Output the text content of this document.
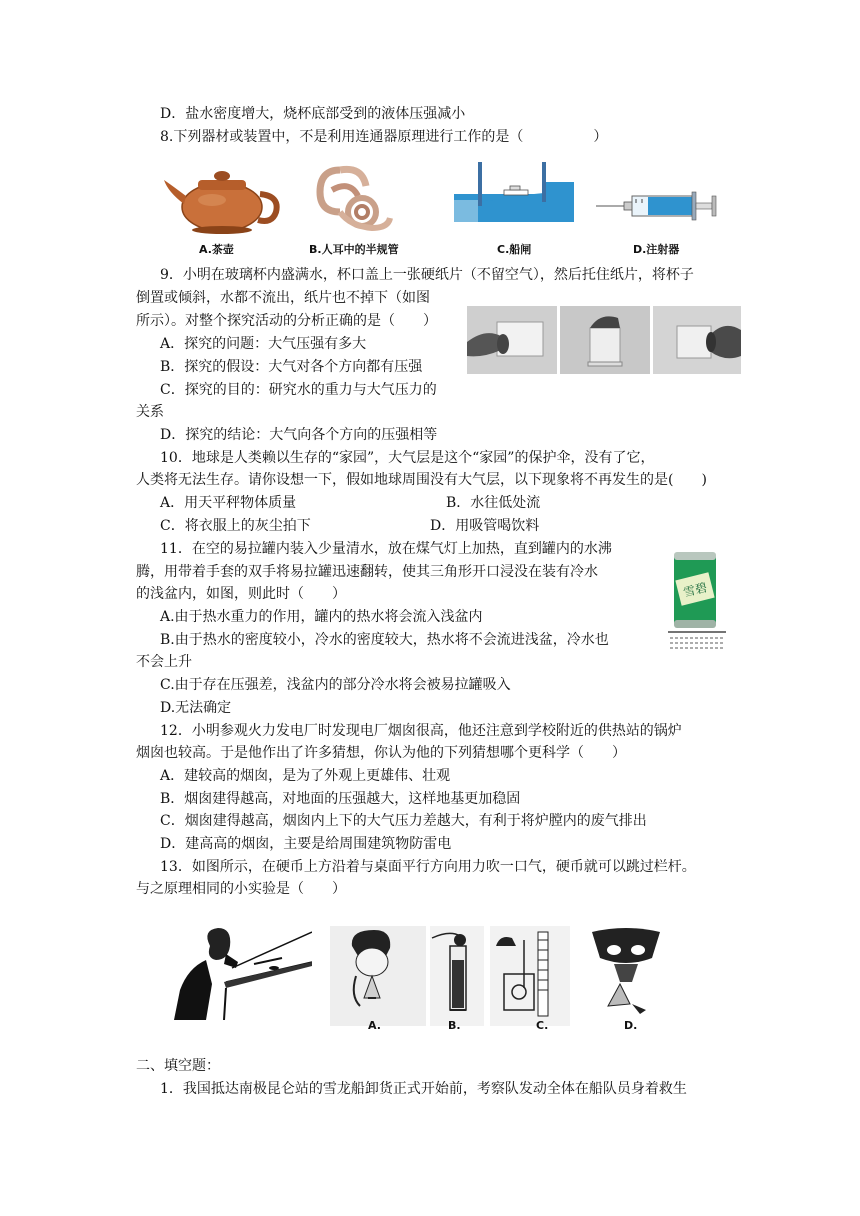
D．盐水密度增大，烧杯底部受到的液体压强减小
8.下列器材或装置中，不是利用连通器原理进行工作的是（　　　　　）
A.茶壶	B.人耳中的半规管	C.船闸	D.注射器
9．小明在玻璃杯内盛满水，杯口盖上一张硬纸片（不留空气），然后托住纸片，将杯子
倒置或倾斜，水都不流出，纸片也不掉下（如图
所示）。对整个探究活动的分析正确的是（　　）
A．探究的问题：大气压强有多大
B．探究的假设：大气对各个方向都有压强
C．探究的目的：研究水的重力与大气压力的
关系
D．探究的结论：大气向各个方向的压强相等
10．地球是人类赖以生存的“家园”，大气层是这个“家园”的保护伞，没有了它，
人类将无法生存。请你设想一下，假如地球周围没有大气层，以下现象将不再发生的是(　　)
A．用天平秤物体质量	B．水往低处流
C．将衣服上的灰尘拍下	D．用吸管喝饮料
11．在空的易拉罐内装入少量清水，放在煤气灯上加热，直到罐内的水沸
腾，用带着手套的双手将易拉罐迅速翻转，使其三角形开口浸没在装有冷水
的浅盆内，如图，则此时（　　）
A.由于热水重力的作用，罐内的热水将会流入浅盆内
B.由于热水的密度较小，冷水的密度较大，热水将不会流进浅盆，冷水也
不会上升
C.由于存在压强差，浅盆内的部分冷水将会被易拉罐吸入
D.无法确定
雪碧
12．小明参观火力发电厂时发现电厂烟囱很高，他还注意到学校附近的供热站的锅炉
烟囱也较高。于是他作出了许多猜想，你认为他的下列猜想哪个更科学（　　）
A．建较高的烟囱，是为了外观上更雄伟、壮观
B．烟囱建得越高，对地面的压强越大，这样地基更加稳固
C．烟囱建得越高，烟囱内上下的大气压力差越大，有利于将炉膛内的废气排出
D．建高高的烟囱，主要是给周围建筑物防雷电
13．如图所示，在硬币上方沿着与桌面平行方向用力吹一口气，硬币就可以跳过栏杆。
与之原理相同的小实验是（　　）
A.	B.	C.	D.
二、填空题：
1．我国抵达南极昆仑站的雪龙船卸货正式开始前，考察队发动全体在船队员身着救生
